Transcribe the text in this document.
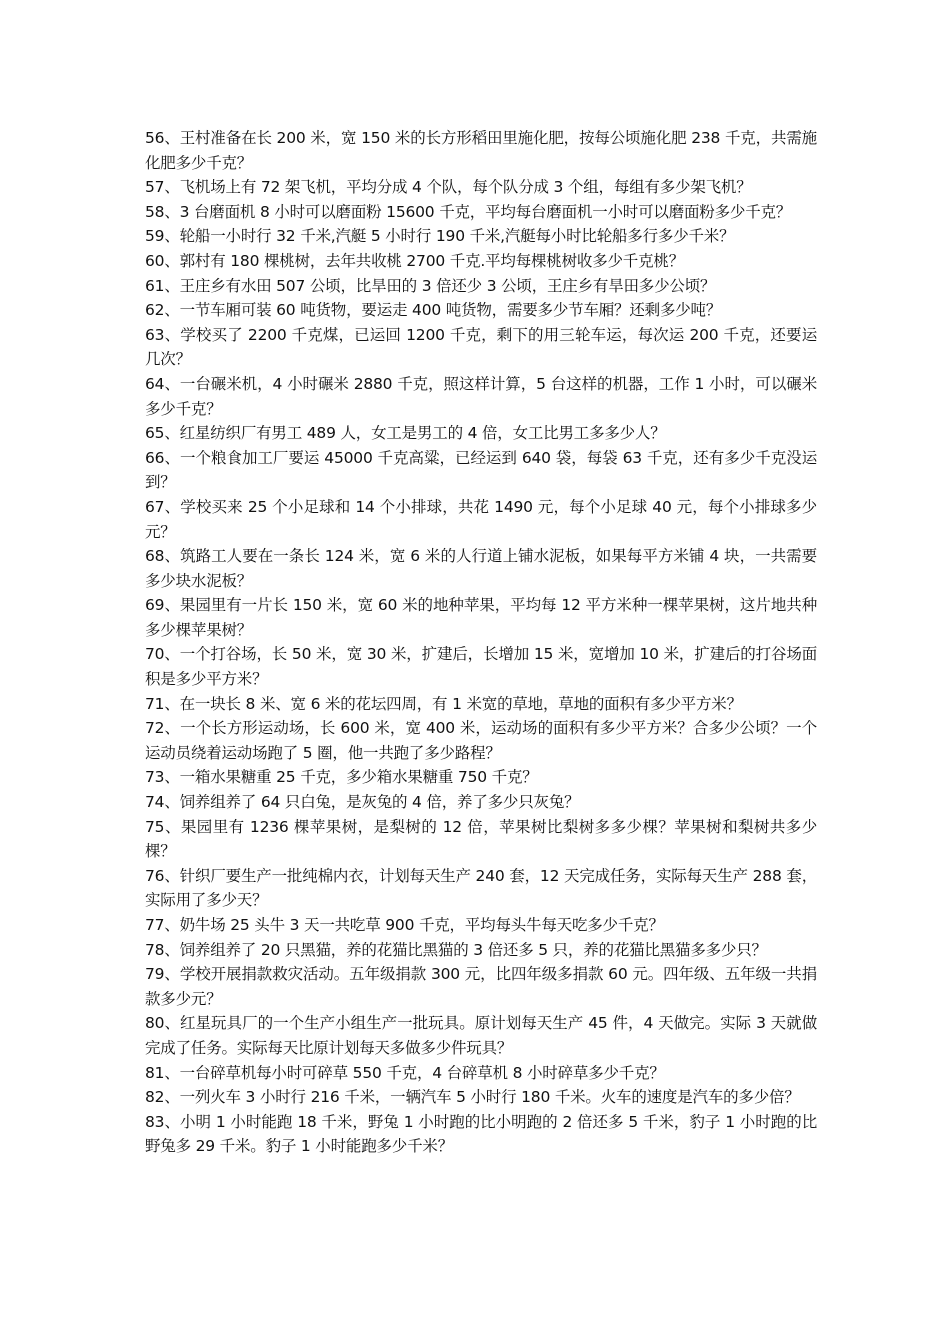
56、王村准备在长 200 米，宽 150 米的长方形稻田里施化肥，按每公顷施化肥 238 千克，共需施化肥多少千克？

57、飞机场上有 72 架飞机，平均分成 4 个队，每个队分成 3 个组，每组有多少架飞机？

58、3 台磨面机 8 小时可以磨面粉 15600 千克，平均每台磨面机一小时可以磨面粉多少千克？

59、轮船一小时行 32 千米,汽艇 5 小时行 190 千米,汽艇每小时比轮船多行多少千米？

60、郭村有 180 棵桃树，去年共收桃 2700 千克.平均每棵桃树收多少千克桃？

61、王庄乡有水田 507 公顷，比旱田的 3 倍还少 3 公顷，王庄乡有旱田多少公顷？

62、一节车厢可装 60 吨货物，要运走 400 吨货物，需要多少节车厢？还剩多少吨？

63、学校买了 2200 千克煤，已运回 1200 千克，剩下的用三轮车运，每次运 200 千克，还要运几次？

64、一台碾米机，4 小时碾米 2880 千克，照这样计算，5 台这样的机器，工作 1 小时，可以碾米多少千克？

65、红星纺织厂有男工 489 人，女工是男工的 4 倍，女工比男工多多少人？

66、一个粮食加工厂要运 45000 千克高粱，已经运到 640 袋，每袋 63 千克，还有多少千克没运到？

67、学校买来 25 个小足球和 14 个小排球，共花 1490 元，每个小足球 40 元，每个小排球多少元？

68、筑路工人要在一条长 124 米，宽 6 米的人行道上铺水泥板，如果每平方米铺 4 块，一共需要多少块水泥板？

69、果园里有一片长 150 米，宽 60 米的地种苹果，平均每 12 平方米种一棵苹果树，这片地共种多少棵苹果树？

70、一个打谷场，长 50 米，宽 30 米，扩建后，长增加 15 米，宽增加 10 米，扩建后的打谷场面积是多少平方米？

71、在一块长 8 米、宽 6 米的花坛四周，有 1 米宽的草地，草地的面积有多少平方米？

72、一个长方形运动场，长 600 米，宽 400 米，运动场的面积有多少平方米？合多少公顷？一个运动员绕着运动场跑了 5 圈，他一共跑了多少路程？

73、一箱水果糖重 25 千克，多少箱水果糖重 750 千克？

74、饲养组养了 64 只白兔，是灰兔的 4 倍，养了多少只灰兔？

75、果园里有 1236 棵苹果树，是梨树的 12 倍，苹果树比梨树多多少棵？苹果树和梨树共多少棵？

76、针织厂要生产一批纯棉内衣，计划每天生产 240 套，12 天完成任务，实际每天生产 288 套，实际用了多少天？

77、奶牛场 25 头牛 3 天一共吃草 900 千克，平均每头牛每天吃多少千克？

78、饲养组养了 20 只黑猫，养的花猫比黑猫的 3 倍还多 5 只，养的花猫比黑猫多多少只？

79、学校开展捐款救灾活动。五年级捐款 300 元，比四年级多捐款 60 元。四年级、五年级一共捐款多少元？

80、红星玩具厂的一个生产小组生产一批玩具。原计划每天生产 45 件，4 天做完。实际 3 天就做完成了任务。实际每天比原计划每天多做多少件玩具？

81、一台碎草机每小时可碎草 550 千克，4 台碎草机 8 小时碎草多少千克？

82、一列火车 3 小时行 216 千米，一辆汽车 5 小时行 180 千米。火车的速度是汽车的多少倍？

83、小明 1 小时能跑 18 千米，野兔 1 小时跑的比小明跑的 2 倍还多 5 千米，豹子 1 小时跑的比野兔多 29 千米。豹子 1 小时能跑多少千米？
